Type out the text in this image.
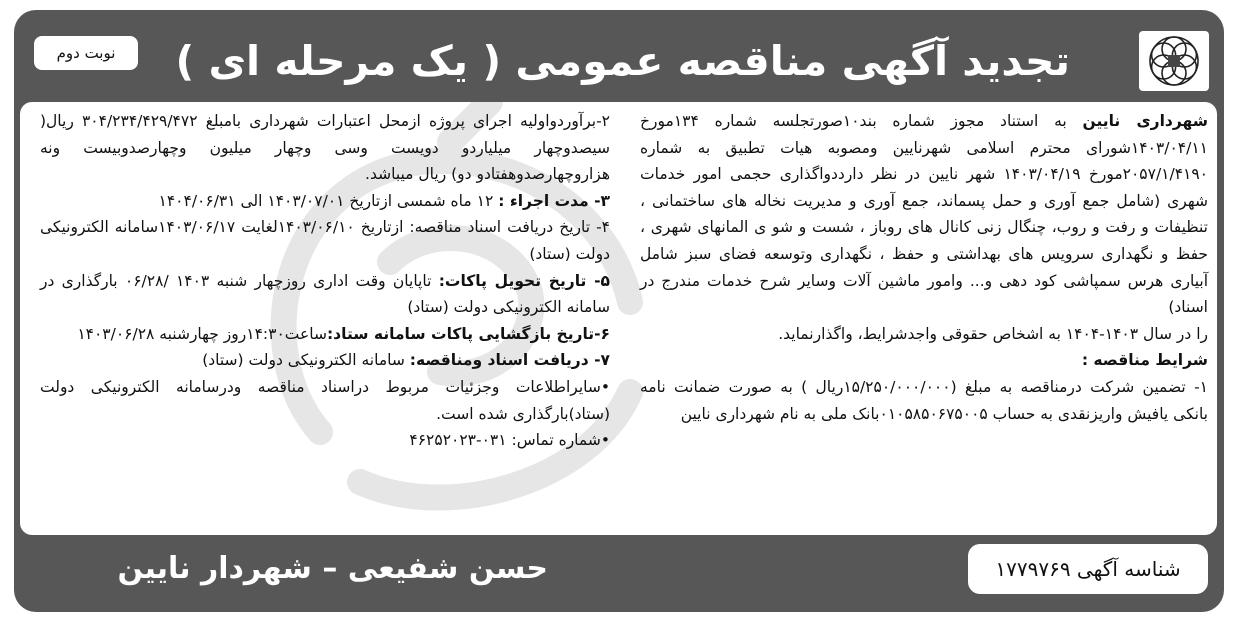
تجدید آگهی مناقصه عمومی ( یک مرحله ای )
نوبت دوم

شهرداری نایین به استناد مجوز شماره بند۱۰صورتجلسه شماره ۱۳۴مورخ ۱۴۰۳/۰۴/۱۱شورای محترم اسلامی شهرنایین ومصوبه هیات تطبیق به شماره ۲۰۵۷/۱/۴۱۹۰مورخ ۱۴۰۳/۰۴/۱۹ شهر نایین در نظر دارددواگذاری حجمی امور خدمات شهری (شامل جمع آوری و حمل پسماند، جمع آوری و مدیریت نخاله های ساختمانی ، تنظیفات و رفت و روب، چنگال زنی کانال های روباز ، شست و شو ی المانهای شهری ، حفظ و نگهداری سرویس های بهداشتی و حفظ ، نگهداری وتوسعه فضای سبز شامل آبیاری هرس سمپاشی کود دهی و... وامور ماشین آلات وسایر شرح خدمات مندرج در اسناد)

را در سال ۱۴۰۳-۱۴۰۴ به اشخاص حقوقی واجدشرایط، واگذارنماید.

شرایط مناقصه :

۱- تضمین شرکت درمناقصه به مبلغ (۱۵/۲۵۰/۰۰۰/۰۰۰ریال ) به صورت ضمانت نامه بانکی یافیش واریزنقدی به حساب ۰۱۰۵۸۵۰۶۷۵۰۰۵بانک ملی به نام شهرداری نایین

۲-برآوردواولیه اجرای پروژه ازمحل اعتبارات شهرداری بامبلغ ۳۰۴/۲۳۴/۴۲۹/۴۷۲ ریال( سیصدوچهار میلیاردو دویست وسی وچهار میلیون وچهارصدوبیست ونه هزاروچهارصدوهفتادو دو) ریال میباشد.

۳- مدت اجراء : ۱۲ ماه شمسی ازتاریخ ۱۴۰۳/۰۷/۰۱ الی ۱۴۰۴/۰۶/۳۱

۴- تاریخ دریافت اسناد مناقصه: ازتاریخ ۱۴۰۳/۰۶/۱۰لغایت ۱۴۰۳/۰۶/۱۷سامانه الکترونیکی دولت (ستاد)

۵- تاریخ تحویل پاکات: تاپایان وقت اداری روزچهار شنبه ۱۴۰۳ /۰۶/۲۸ بارگذاری در سامانه الکترونیکی دولت (ستاد)

۶-تاریخ بازگشایی پاکات سامانه ستاد:ساعت۱۴:۳۰روز چهارشنبه ۱۴۰۳/۰۶/۲۸

۷- دریافت اسناد ومناقصه: سامانه الکترونیکی دولت (ستاد)

•سایراطلاعات وجزئیات مربوط دراسناد مناقصه ودرسامانه الکترونیکی دولت (ستاد)بارگذاری شده است.

•شماره تماس: ۰۳۱-۴۶۲۵۲۰۲۳

شناسه آگهی ۱۷۷۹۷۶۹
حسن شفیعی – شهردار نایین
